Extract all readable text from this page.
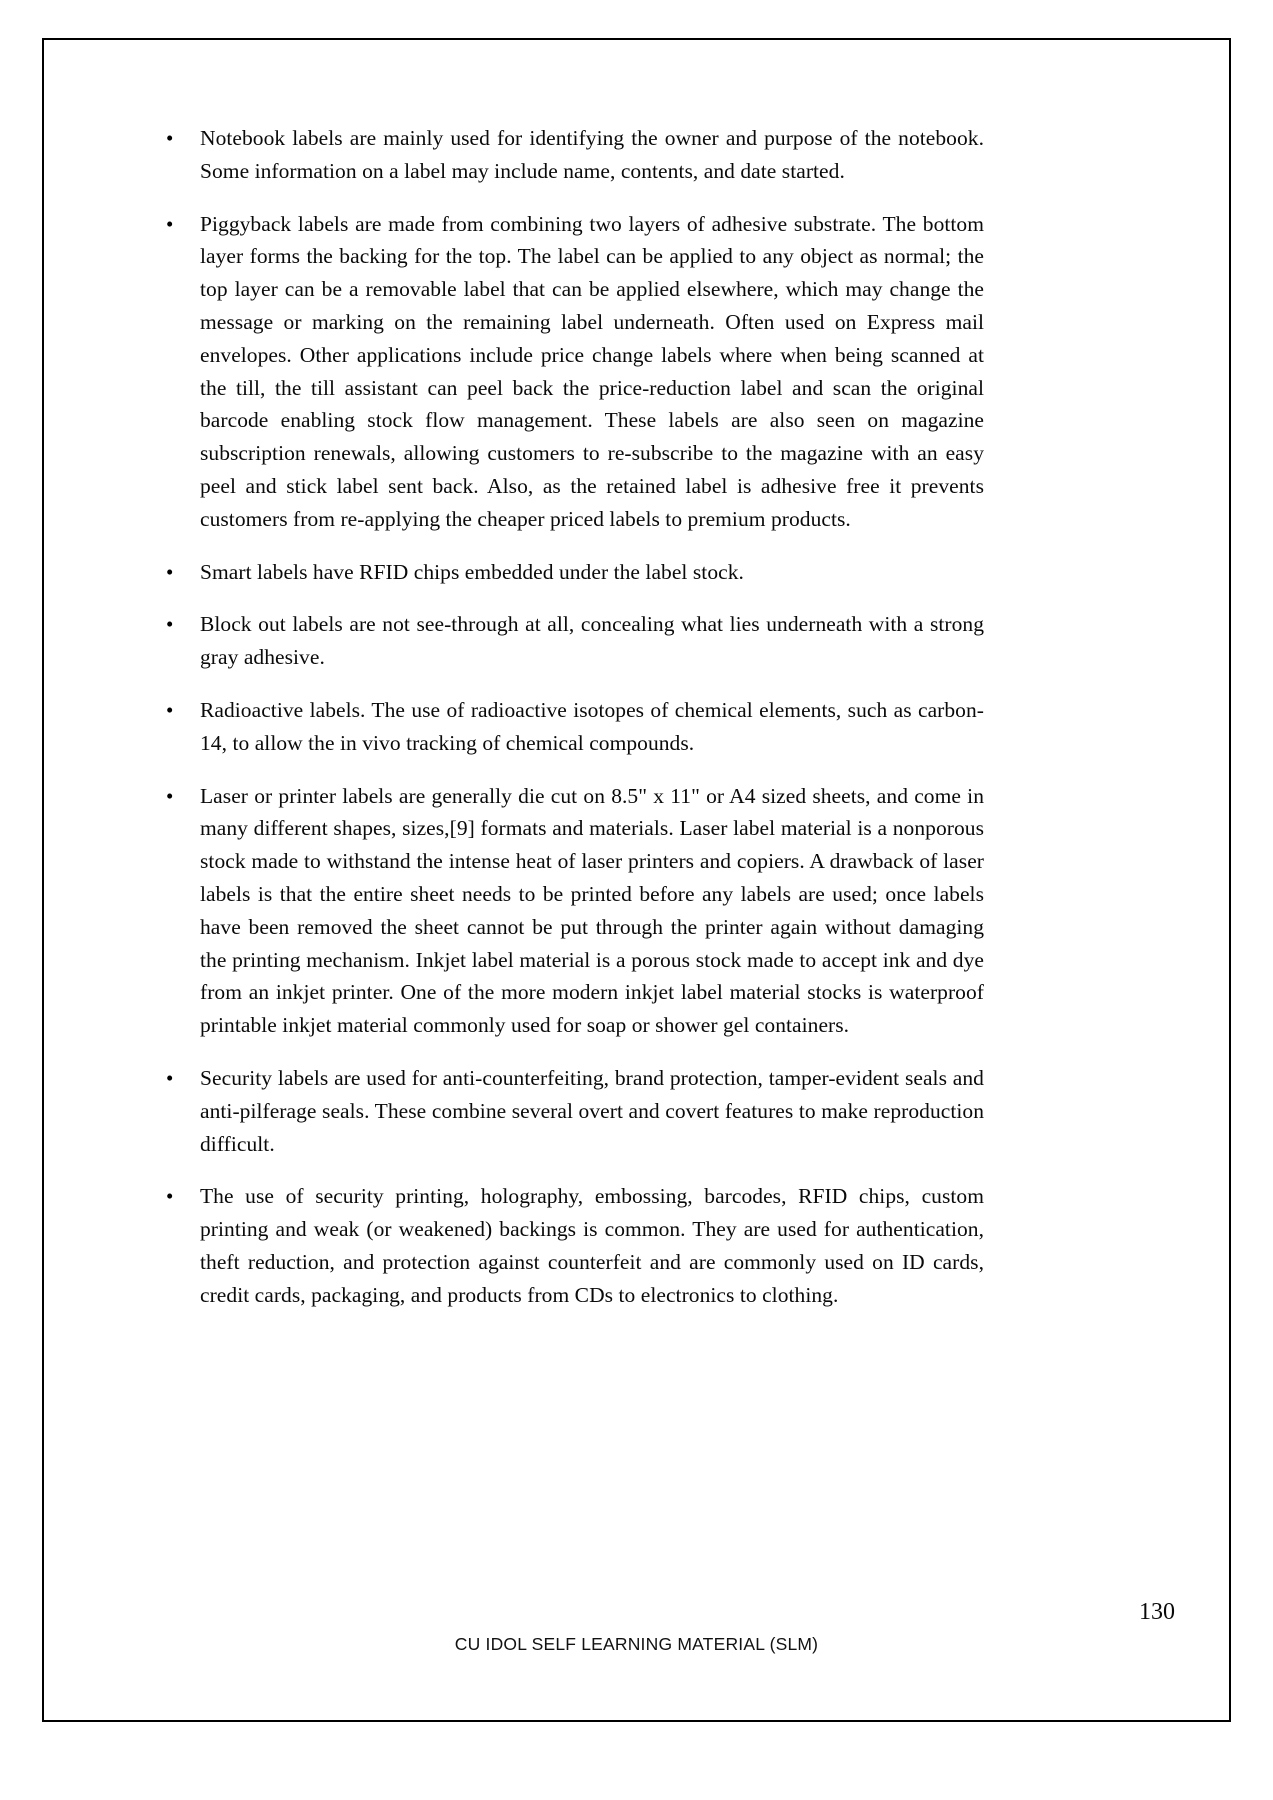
•	Notebook labels are mainly used for identifying the owner and purpose of the notebook. Some information on a label may include name, contents, and date started.

•	Piggyback labels are made from combining two layers of adhesive substrate. The bottom layer forms the backing for the top. The label can be applied to any object as normal; the top layer can be a removable label that can be applied elsewhere, which may change the message or marking on the remaining label underneath. Often used on Express mail envelopes. Other applications include price change labels where when being scanned at the till, the till assistant can peel back the price-reduction label and scan the original barcode enabling stock flow management. These labels are also seen on magazine subscription renewals, allowing customers to re-subscribe to the magazine with an easy peel and stick label sent back. Also, as the retained label is adhesive free it prevents customers from re-applying the cheaper priced labels to premium products.

•	Smart labels have RFID chips embedded under the label stock.

•	Block out labels are not see-through at all, concealing what lies underneath with a strong gray adhesive.

•	Radioactive labels. The use of radioactive isotopes of chemical elements, such as carbon-14, to allow the in vivo tracking of chemical compounds.

•	Laser or printer labels are generally die cut on 8.5" x 11" or A4 sized sheets, and come in many different shapes, sizes,[9] formats and materials. Laser label material is a nonporous stock made to withstand the intense heat of laser printers and copiers. A drawback of laser labels is that the entire sheet needs to be printed before any labels are used; once labels have been removed the sheet cannot be put through the printer again without damaging the printing mechanism. Inkjet label material is a porous stock made to accept ink and dye from an inkjet printer. One of the more modern inkjet label material stocks is waterproof printable inkjet material commonly used for soap or shower gel containers.

•	Security labels are used for anti-counterfeiting, brand protection, tamper-evident seals and anti-pilferage seals. These combine several overt and covert features to make reproduction difficult.

•	The use of security printing, holography, embossing, barcodes, RFID chips, custom printing and weak (or weakened) backings is common. They are used for authentication, theft reduction, and protection against counterfeit and are commonly used on ID cards, credit cards, packaging, and products from CDs to electronics to clothing.

130
CU IDOL SELF LEARNING MATERIAL (SLM)
